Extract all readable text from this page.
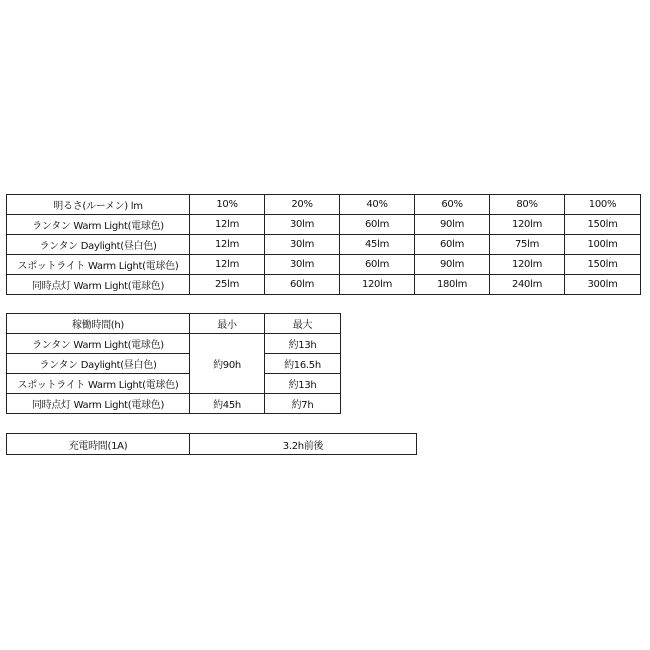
明るさ(ルーメン) lm	10%	20%	40%	60%	80%	100%
ランタン Warm Light(電球色)	12lm	30lm	60lm	90lm	120lm	150lm
ランタン Daylight(昼白色)	12lm	30lm	45lm	60lm	75lm	100lm
スポットライト Warm Light(電球色)	12lm	30lm	60lm	90lm	120lm	150lm
同時点灯 Warm Light(電球色)	25lm	60lm	120lm	180lm	240lm	300lm
稼働時間(h)	最小	最大
ランタン Warm Light(電球色)	約90h	約13h
ランタン Daylight(昼白色)		約16.5h
スポットライト Warm Light(電球色)		約13h
同時点灯 Warm Light(電球色)	約45h	約7h
充電時間(1A)	3.2h前後
